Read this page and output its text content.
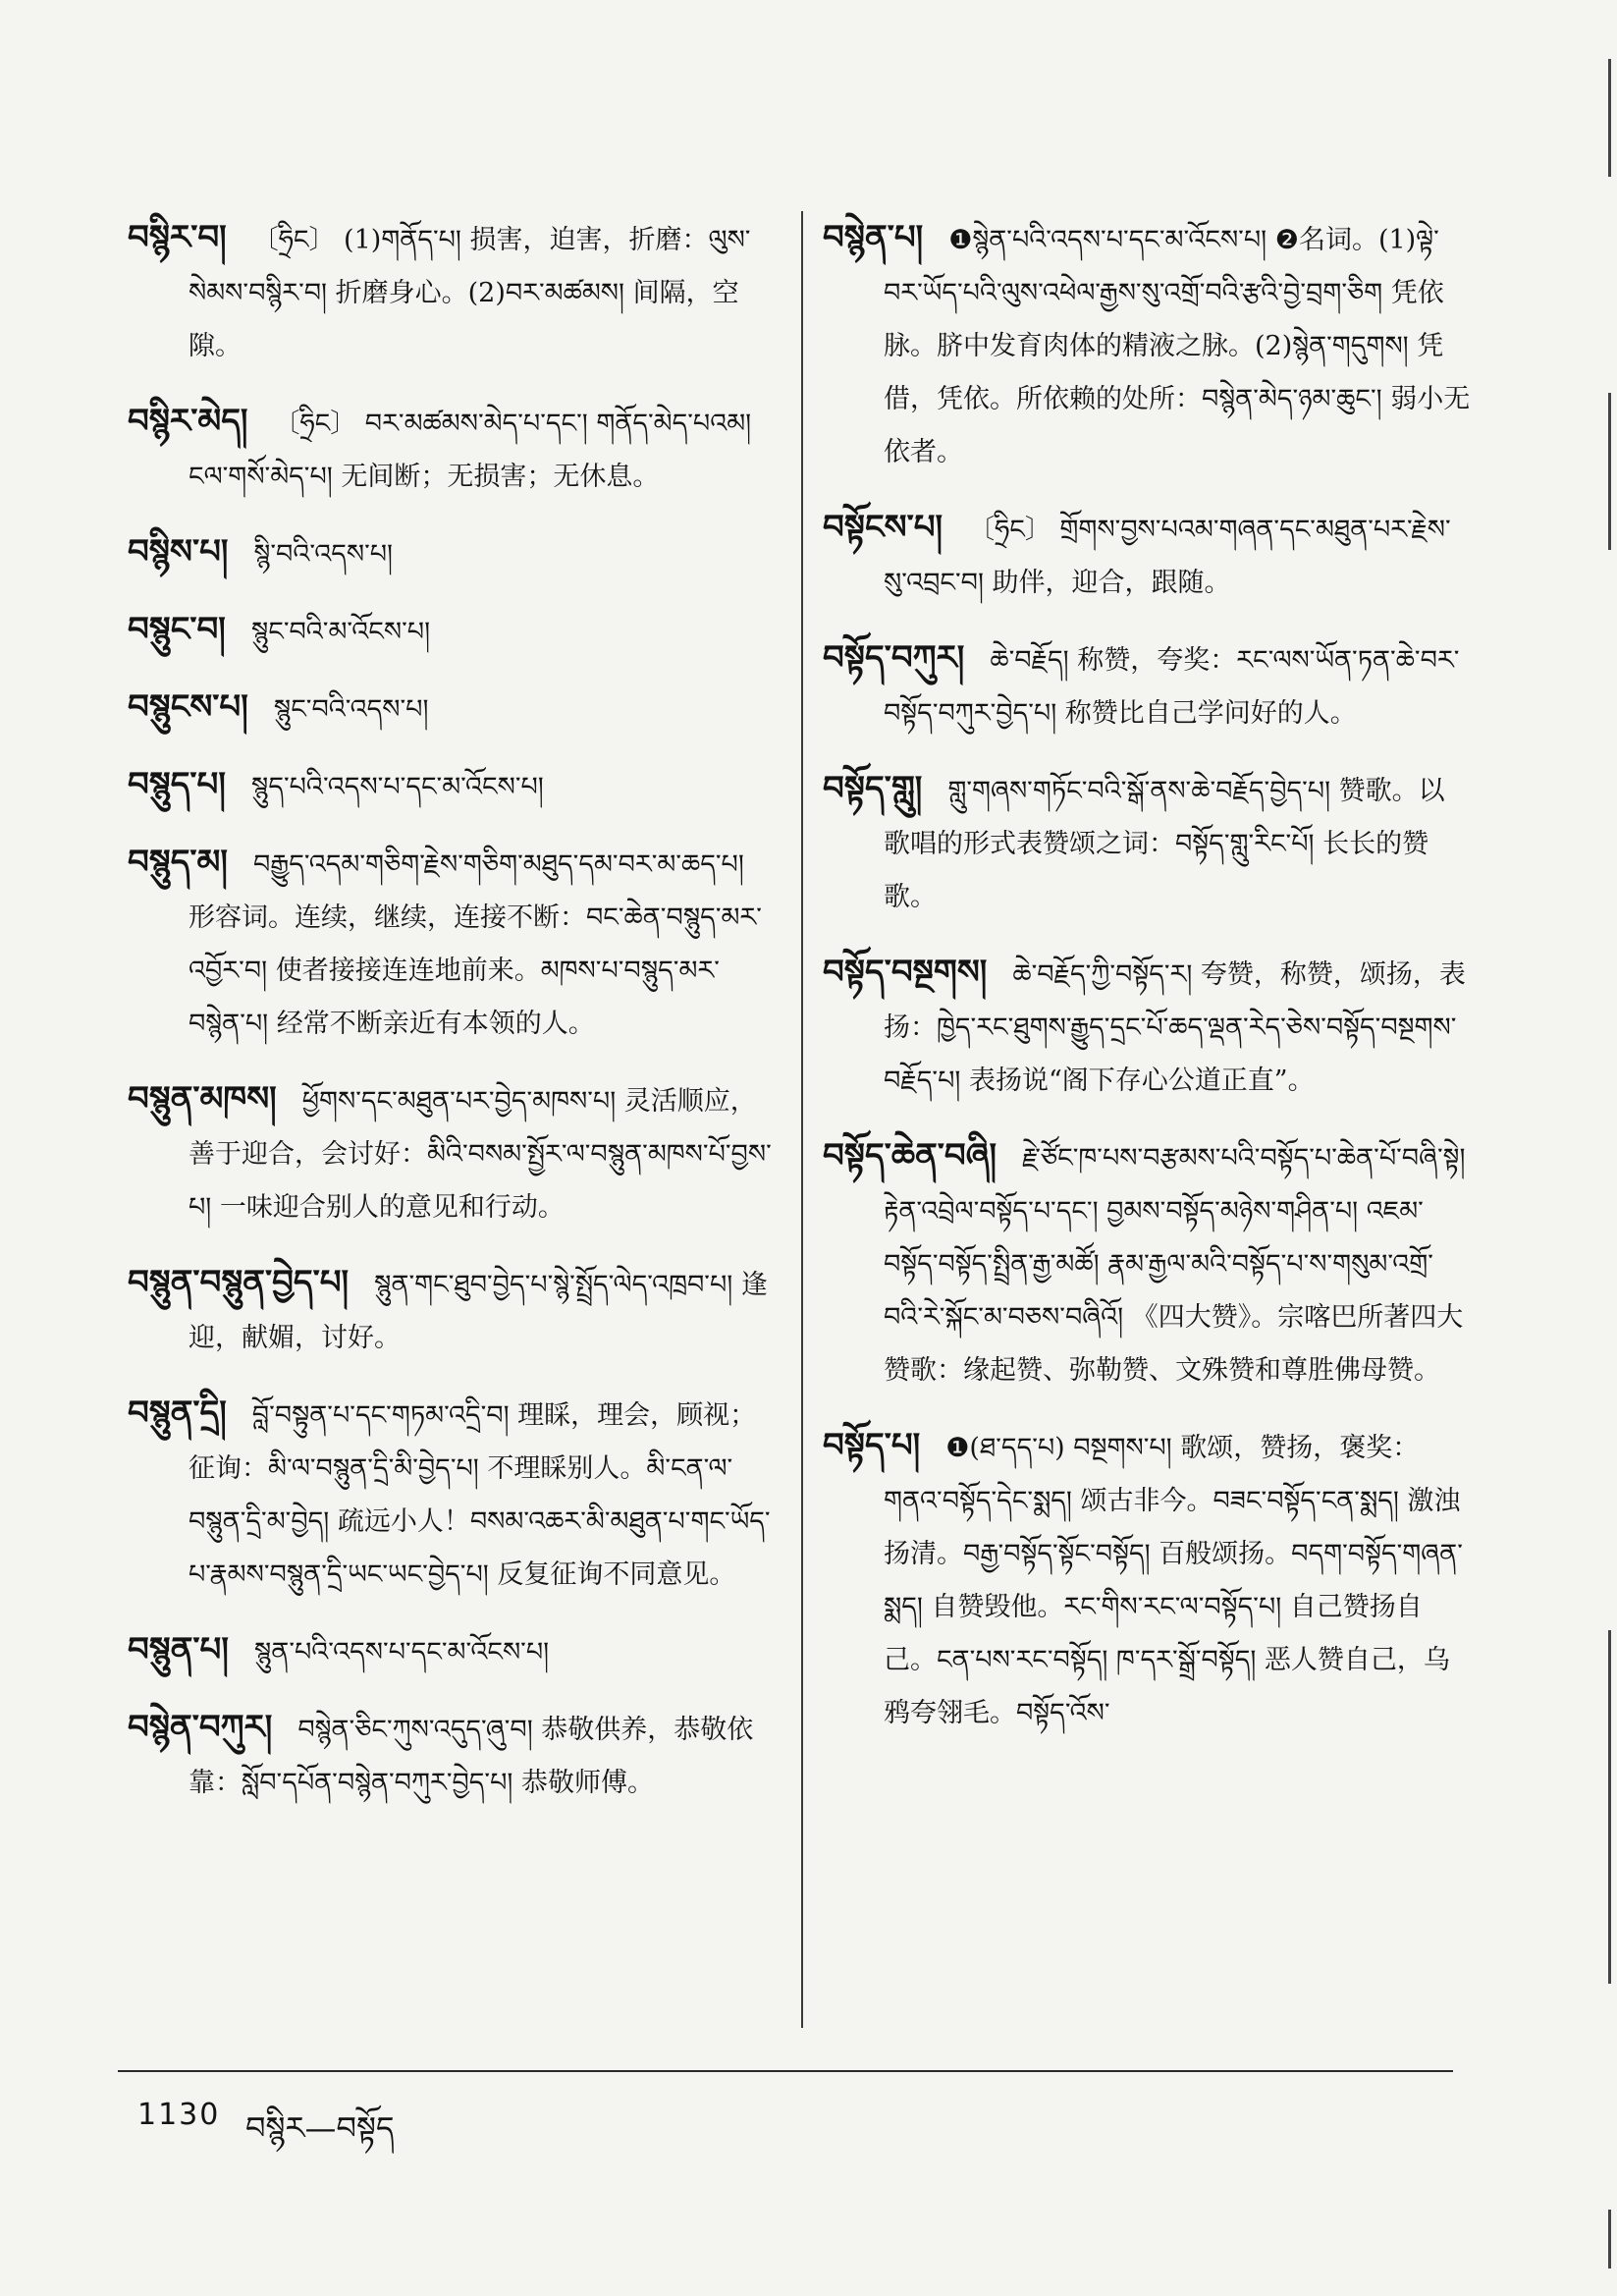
བསྙིར་བ། 〔ཧྲིང〕 (1)གནོད་པ། 损害，迫害，折磨：ལུས་སེམས་བསྙིར་བ། 折磨身心。(2)བར་མཚམས། 间隔，空隙。
བསྙིར་མེད། 〔ཧྲིང〕 བར་མཚམས་མེད་པ་དང་། གནོད་མེད་པའམ། ངལ་གསོ་མེད་པ། 无间断；无损害；无休息。
བསྙིས་པ། སྙི་བའི་འདས་པ།
བསྙུང་བ། སྙུང་བའི་མ་འོངས་པ།
བསྙུངས་པ། སྙུང་བའི་འདས་པ།
བསྙུད་པ། སྙུད་པའི་འདས་པ་དང་མ་འོངས་པ།
བསྙུད་མ། བརྒྱུད་འདམ་གཅིག་རྗེས་གཅིག་མཐུད་དམ་བར་མ་ཆད་པ། 形容词。连续，继续，连接不断：བང་ཆེན་བསྙུད་མར་འབྱོར་བ། 使者接接连连地前来。མཁས་པ་བསྙུད་མར་བསྙེན་པ། 经常不断亲近有本领的人。
བསྙུན་མཁས། ཕྱོགས་དང་མཐུན་པར་བྱེད་མཁས་པ། 灵活顺应，善于迎合，会讨好：མིའི་བསམ་སྤྱོར་ལ་བསྙུན་མཁས་པོ་བྱས་པ། 一味迎合别人的意见和行动。
བསྙུན་བསྙུན་བྱེད་པ། སྙུན་གང་ཐུབ་བྱེད་པ་སྙེ་སྤྲོད་ལེད་འཁྲབ་པ། 逢迎，献媚，讨好。
བསྙུན་དྲི། བློ་བསྟུན་པ་དང་གཏམ་འདྲི་བ། 理睬，理会，顾视；征询：མི་ལ་བསྙུན་དྲི་མི་བྱེད་པ། 不理睬别人。མི་ངན་ལ་བསྙུན་དྲི་མ་བྱེད། 疏远小人！བསམ་འཆར་མི་མཐུན་པ་གང་ཡོད་པ་རྣམས་བསྙུན་དྲི་ཡང་ཡང་བྱེད་པ། 反复征询不同意见。
བསྙུན་པ། སྙུན་པའི་འདས་པ་དང་མ་འོངས་པ།
བསྙེན་བཀུར། བསྙེན་ཅིང་ཀུས་འདུད་ཞུ་བ། 恭敬供养，恭敬依靠：སློབ་དཔོན་བསྙེན་བཀུར་བྱེད་པ། 恭敬师傅。
བསྙེན་པ། ❶སྙེན་པའི་འདས་པ་དང་མ་འོངས་པ། ❷名词。(1)ལྟེ་བར་ཡོད་པའི་ལུས་འཕེལ་རྒྱས་སུ་འགྲོ་བའི་རྩའི་བྱེ་བྲག་ཅིག 凭依脉。脐中发育肉体的精液之脉。(2)སྙེན་གདུགས། 凭借，凭依。所依赖的处所：བསྙེན་མེད་ཉམ་ཆུང་། 弱小无依者。
བསྟོངས་པ། 〔ཧྲིང〕 གྲོགས་བྱས་པའམ་གཞན་དང་མཐུན་པར་རྗེས་སུ་འབྲང་བ། 助伴，迎合，跟随。
བསྟོད་བཀུར། ཆེ་བརྗོད། 称赞，夸奖：རང་ལས་ཡོན་ཏན་ཆེ་བར་བསྟོད་བཀུར་བྱེད་པ། 称赞比自己学问好的人。
བསྟོད་གླུ། གླུ་གཞས་གཏོང་བའི་སྒོ་ནས་ཆེ་བརྗོད་བྱེད་པ། 赞歌。以歌唱的形式表赞颂之词：བསྟོད་གླུ་རིང་པོ། 长长的赞歌。
བསྟོད་བསྔགས། ཆེ་བརྗོད་ཀྱི་བསྟོད་ར། 夸赞，称赞，颂扬，表扬：ཁྱེད་རང་ཐུགས་རྒྱུད་དྲང་པོ་ཆད་ལྡན་རེད་ཅེས་བསྟོད་བསྔགས་བརྗོད་པ། 表扬说“阁下存心公道正直”。
བསྟོད་ཆེན་བཞི། རྗེ་ཙོང་ཁ་པས་བརྩམས་པའི་བསྟོད་པ་ཆེན་པོ་བཞི་སྟེ། རྟེན་འབྲེལ་བསྟོད་པ་དང་། བྱམས་བསྟོད་མཉེས་གཤིན་པ། འཇམ་བསྟོད་བསྟོད་སྤྲིན་རྒྱ་མཚོ། རྣམ་རྒྱལ་མའི་བསྟོད་པ་ས་གསུམ་འགྲོ་བའི་རེ་སྐོང་མ་བཅས་བཞིའོ། 《四大赞》。宗喀巴所著四大赞歌：缘起赞、弥勒赞、文殊赞和尊胜佛母赞。
བསྟོད་པ། ❶(ཐ་དད་པ) བསྔགས་པ། 歌颂，赞扬，褒奖：གནའ་བསྟོད་དེང་སྨད། 颂古非今。བཟང་བསྟོད་ངན་སྨད། 激浊扬清。བརྒྱ་བསྟོད་སྟོང་བསྟོད། 百般颂扬。བདག་བསྟོད་གཞན་སྨད། 自赞毁他。རང་གིས་རང་ལ་བསྟོད་པ། 自己赞扬自己。ངན་པས་རང་བསྟོད། ཁ་དར་སྒྲོ་བསྟོད། 恶人赞自己，乌鸦夸翎毛。བསྟོད་འོས་
1130 བསྙིར—བསྟོད
